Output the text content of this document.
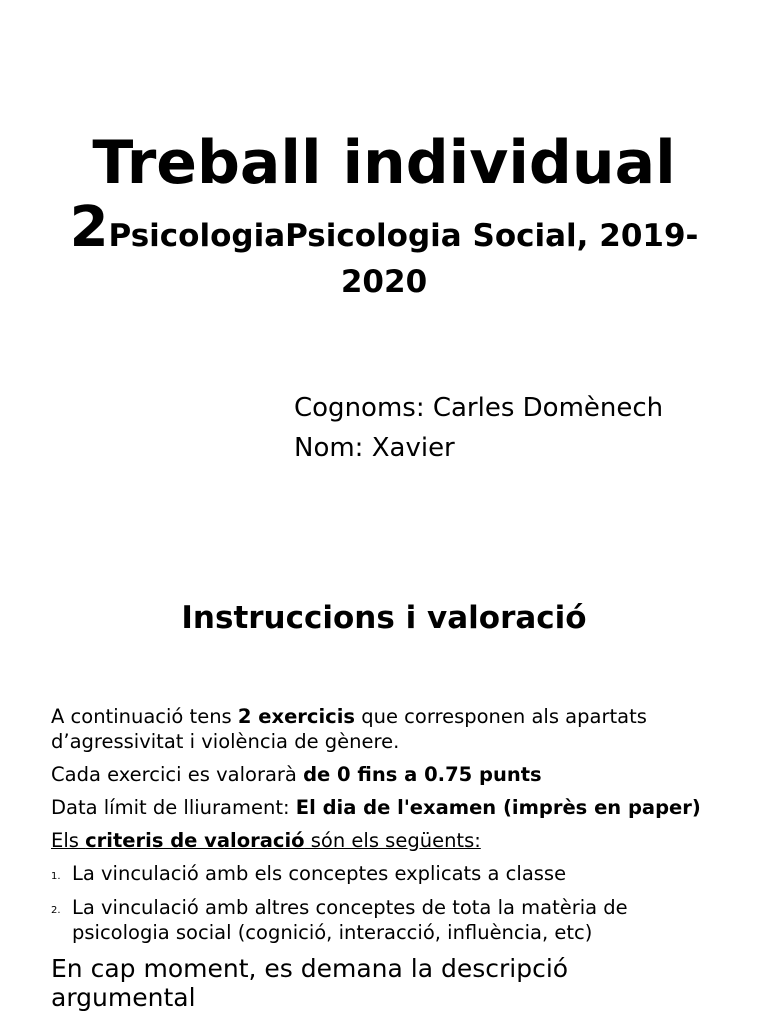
Treball individual
2PsicologiaPsicologia Social, 2019-2020
Cognoms: Carles Domènech
Nom: Xavier
Instruccions i valoració

A continuació tens 2 exercicis que corresponen als apartats d’agressivitat i violència de gènere.

Cada exercici es valorarà de 0 fins a 0.75 punts

Data límit de lliurament: El dia de l'examen (imprès en paper)

Els criteris de valoració són els següents:

1. La vinculació amb els conceptes explicats a classe
2. La vinculació amb altres conceptes de tota la matèria de psicologia social (cognició, interacció, influència, etc)
En cap moment, es demana la descripció argumental
